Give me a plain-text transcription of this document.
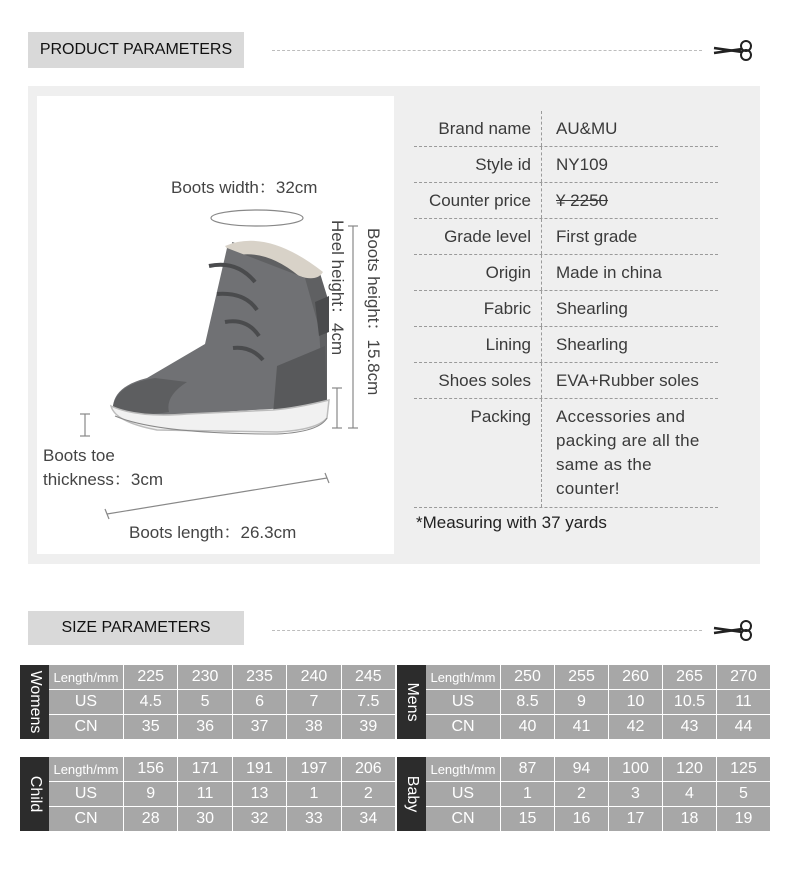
PRODUCT PARAMETERS
Boots width：32cm
Heel height：4cm Boots height：15.8cm
Boots toe
thickness：3cm
Boots length：26.3cm
Brand name	AU&MU
Style id	NY109
Counter price	¥ 2250
Grade level	First grade
Origin	Made in china
Fabric	Shearling
Lining	Shearling
Shoes soles	EVA+Rubber soles
Packing	Accessories and packing are all the same as the counter!
*Measuring with 37 yards
SIZE PARAMETERS
Womens Length/mm	225	230	235	240	245
US	4.5	5	6	7	7.5
CN	35	36	37	38	39
Mens
Length/mm	250	255	260	265	270
US	8.5	9	10	10.5	11
CN	40	41	42	43	44
Child
Length/mm	156	171	191	197	206
US	9	11	13	1	2
CN	28	30	32	33	34
Baby
Length/mm	87	94	100	120	125
US	1	2	3	4	5
CN	15	16	17	18	19
